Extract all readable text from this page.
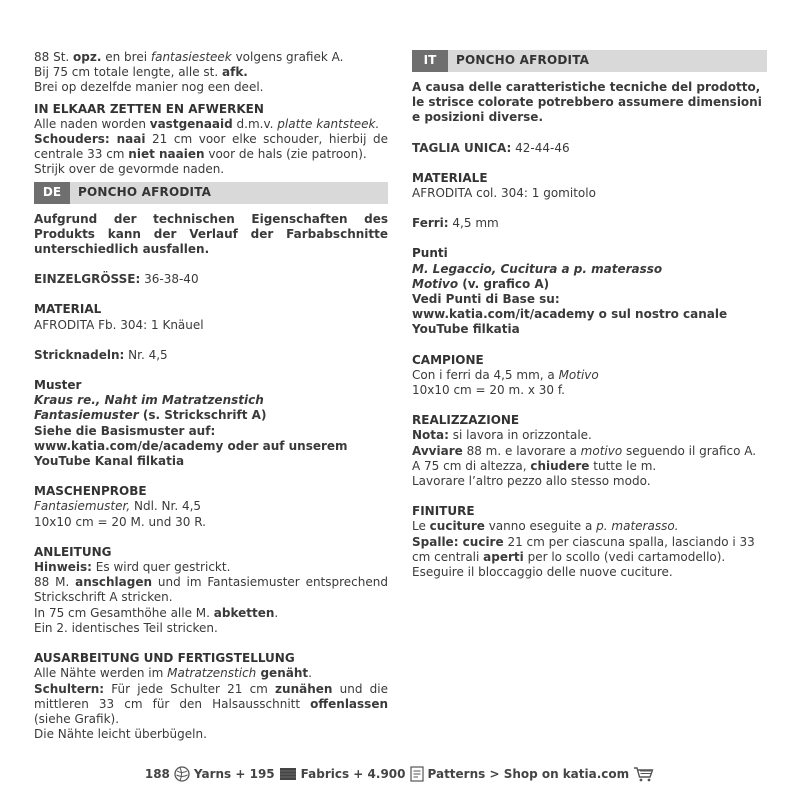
88 St. opz. en brei fantasiesteek volgens grafiek A.

Bij 75 cm totale lengte, alle st. afk.

Brei op dezelfde manier nog een deel.

IN ELKAAR ZETTEN EN AFWERKEN

Alle naden worden vastgenaaid d.m.v. platte kantsteek.

Schouders: naai 21 cm voor elke schouder, hierbij de centrale 33 cm niet naaien voor de hals (zie patroon).

Strijk over de gevormde naden.

DE	PONCHO AFRODITA

Aufgrund der technischen Eigenschaften des Produkts kann der Verlauf der Farbabschnitte unterschiedlich ausfallen.

EINZELGRÖSSE: 36-38-40

MATERIAL

AFRODITA Fb. 304: 1 Knäuel

Stricknadeln: Nr. 4,5

Muster

Kraus re., Naht im Matratzenstich

Fantasiemuster (s. Strickschrift A)

Siehe die Basismuster auf:

www.katia.com/de/academy oder auf unserem YouTube Kanal filkatia

MASCHENPROBE

Fantasiemuster, Ndl. Nr. 4,5

10x10 cm = 20 M. und 30 R.

ANLEITUNG

Hinweis: Es wird quer gestrickt.

88 M. anschlagen und im Fantasiemuster entsprechend Strickschrift A stricken.

In 75 cm Gesamthöhe alle M. abketten.

Ein 2. identisches Teil stricken.

AUSARBEITUNG UND FERTIGSTELLUNG

Alle Nähte werden im Matratzenstich genäht.

Schultern: Für jede Schulter 21 cm zunähen und die mittleren 33 cm für den Halsausschnitt offenlassen (siehe Grafik).

Die Nähte leicht überbügeln.

IT	PONCHO AFRODITA

A causa delle caratteristiche tecniche del prodotto, le strisce colorate potrebbero assumere dimensioni e posizioni diverse.

TAGLIA UNICA: 42-44-46

MATERIALE

AFRODITA col. 304: 1 gomitolo

Ferri: 4,5 mm

Punti

M. Legaccio, Cucitura a p. materasso

Motivo (v. grafico A)

Vedi Punti di Base su:

www.katia.com/it/academy o sul nostro canale YouTube filkatia

CAMPIONE

Con i ferri da 4,5 mm, a Motivo

10x10 cm = 20 m. x 30 f.

REALIZZAZIONE

Nota: si lavora in orizzontale.

Avviare 88 m. e lavorare a motivo seguendo il grafico A.

A 75 cm di altezza, chiudere tutte le m.

Lavorare l’altro pezzo allo stesso modo.

FINITURE

Le cuciture vanno eseguite a p. materasso.

Spalle: cucire 21 cm per ciascuna spalla, lasciando i 33 cm centrali aperti per lo scollo (vedi cartamodello).

Eseguire il bloccaggio delle nuove cuciture.

188 Yarns + 195 Fabrics + 4.900 Patterns > Shop on katia.com
